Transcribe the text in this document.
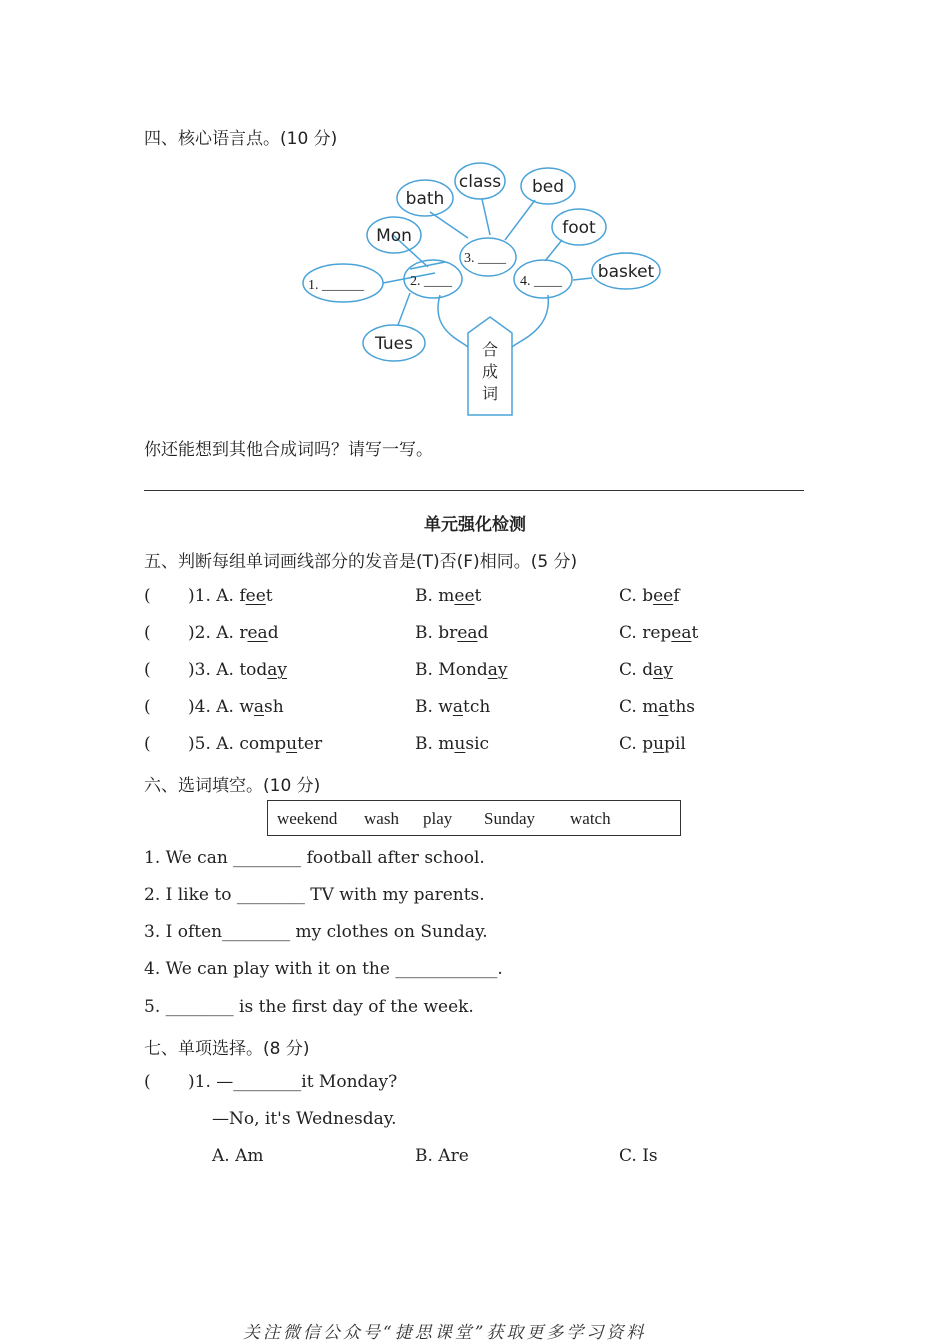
四、核心语言点。(10 分)
class bed
bath
foot
Mon
basket
Tues
1. ______	2. ____
3. ____
4. ____
合
成
词
你还能想到其他合成词吗？请写一写。
单元强化检测
五、判断每组单词画线部分的发音是(T)否(F)相同。(5 分)
( )1. A. feet	B. meet	C. beef
( )2. A. read	B. bread	C. repeat
( )3. A. today	B. Monday	C. day
( )4. A. wash	B. watch	C. maths
( )5. A. computer	B. music	C. pupil
六、选词填空。(10 分)
weekend wash play Sunday watch
1. We can ________ football after school.
2. I like to ________ TV with my parents.
3. I often________ my clothes on Sunday.
4. We can play with it on the ____________.
5. ________ is the first day of the week.
七、单项选择。(8 分)
( )1. —________it Monday?
—No, it's Wednesday.
A. Am	B. Are	C. Is
关注微信公众号“捷思课堂”获取更多学习资料
